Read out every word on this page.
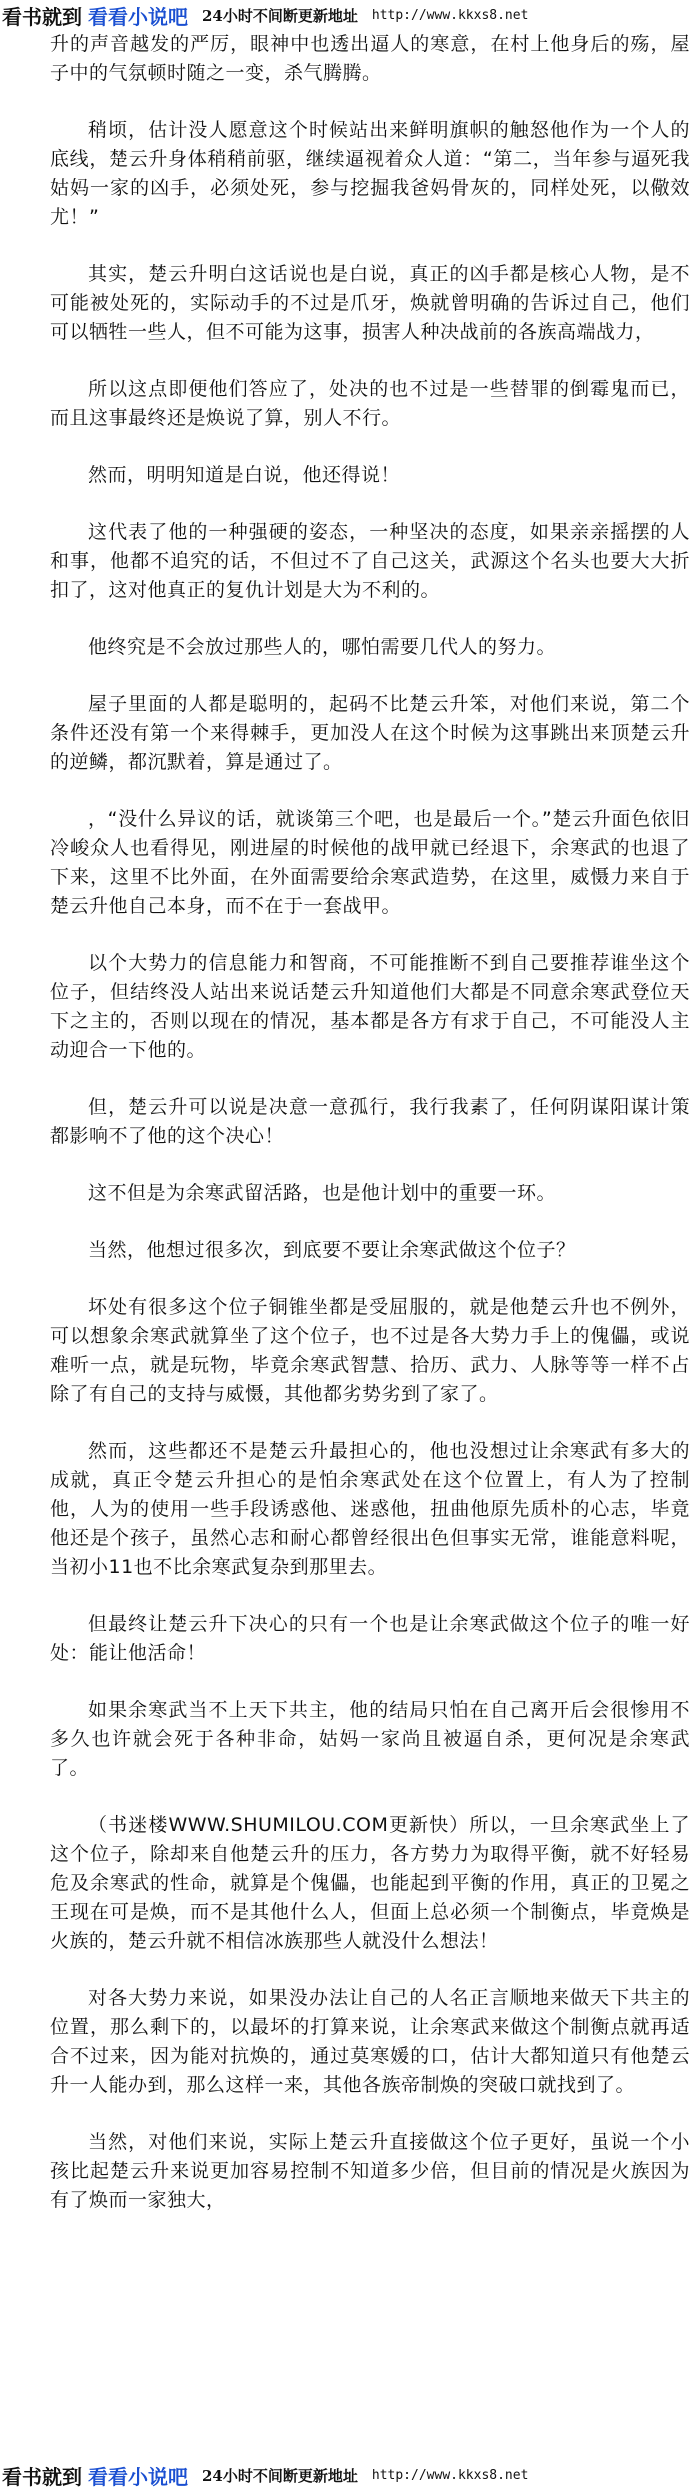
看书就到 看看小说吧 24小时不间断更新地址 http://www.kkxs8.net

升的声音越发的严厉，眼神中也透出逼人的寒意，在村上他身后的殇，屋子中的气氛顿时随之一变，杀气腾腾。

稍顷，估计没人愿意这个时候站出来鲜明旗帜的触怒他作为一个人的底线，楚云升身体稍稍前驱，继续逼视着众人道：“第二，当年参与逼死我姑妈一家的凶手，必须处死，参与挖掘我爸妈骨灰的，同样处死，以儆效尤！”

其实，楚云升明白这话说也是白说，真正的凶手都是核心人物，是不可能被处死的，实际动手的不过是爪牙，焕就曾明确的告诉过自己，他们可以牺牲一些人，但不可能为这事，损害人种决战前的各族高端战力，

所以这点即便他们答应了，处决的也不过是一些替罪的倒霉鬼而已，而且这事最终还是焕说了算，别人不行。

然而，明明知道是白说，他还得说！

这代表了他的一种强硬的姿态，一种坚决的态度，如果亲亲摇摆的人和事，他都不追究的话，不但过不了自己这关，武源这个名头也要大大折扣了，这对他真正的复仇计划是大为不利的。

他终究是不会放过那些人的，哪怕需要几代人的努力。

屋子里面的人都是聪明的，起码不比楚云升笨，对他们来说，第二个条件还没有第一个来得棘手，更加没人在这个时候为这事跳出来顶楚云升的逆鳞，都沉默着，算是通过了。

，“没什么异议的话，就谈第三个吧，也是最后一个。”楚云升面色依旧冷峻众人也看得见，刚进屋的时候他的战甲就已经退下，余寒武的也退了下来，这里不比外面，在外面需要给余寒武造势，在这里，威慑力来自于楚云升他自己本身，而不在于一套战甲。

以个大势力的信息能力和智商，不可能推断不到自己要推荐谁坐这个位子，但结终没人站出来说话楚云升知道他们大都是不同意余寒武登位天下之主的，否则以现在的情况，基本都是各方有求于自己，不可能没人主动迎合一下他的。

但，楚云升可以说是决意一意孤行，我行我素了，任何阴谋阳谋计策都影响不了他的这个决心！

这不但是为余寒武留活路，也是他计划中的重要一环。

当然，他想过很多次，到底要不要让余寒武做这个位子？

坏处有很多这个位子铜锥坐都是受屈服的，就是他楚云升也不例外，可以想象余寒武就算坐了这个位子，也不过是各大势力手上的傀儡，或说难听一点，就是玩物，毕竟余寒武智慧、拾历、武力、人脉等等一样不占除了有自己的支持与威慑，其他都劣势劣到了家了。

然而，这些都还不是楚云升最担心的，他也没想过让余寒武有多大的成就，真正令楚云升担心的是怕余寒武处在这个位置上，有人为了控制他，人为的使用一些手段诱惑他、迷惑他，扭曲他原先质朴的心志，毕竟他还是个孩子，虽然心志和耐心都曾经很出色但事实无常，谁能意料呢，当初小11也不比余寒武复杂到那里去。

但最终让楚云升下决心的只有一个也是让余寒武做这个位子的唯一好处：能让他活命！

如果余寒武当不上天下共主，他的结局只怕在自己离开后会很惨用不多久也许就会死于各种非命，姑妈一家尚且被逼自杀，更何况是余寒武了。

（书迷楼WWW.SHUMILOU.COM更新快）所以，一旦余寒武坐上了这个位子，除却来自他楚云升的压力，各方势力为取得平衡，就不好轻易危及余寒武的性命，就算是个傀儡，也能起到平衡的作用，真正的卫冕之王现在可是焕，而不是其他什么人，但面上总必须一个制衡点，毕竟焕是火族的，楚云升就不相信冰族那些人就没什么想法！

对各大势力来说，如果没办法让自己的人名正言顺地来做天下共主的位置，那么剩下的，以最坏的打算来说，让余寒武来做这个制衡点就再适合不过来，因为能对抗焕的，通过莫寒媛的口，估计大都知道只有他楚云升一人能办到，那么这样一来，其他各族帝制焕的突破口就找到了。

当然，对他们来说，实际上楚云升直接做这个位子更好，虽说一个小孩比起楚云升来说更加容易控制不知道多少倍，但目前的情况是火族因为有了焕而一家独大，

看书就到 看看小说吧 24小时不间断更新地址 http://www.kkxs8.net
